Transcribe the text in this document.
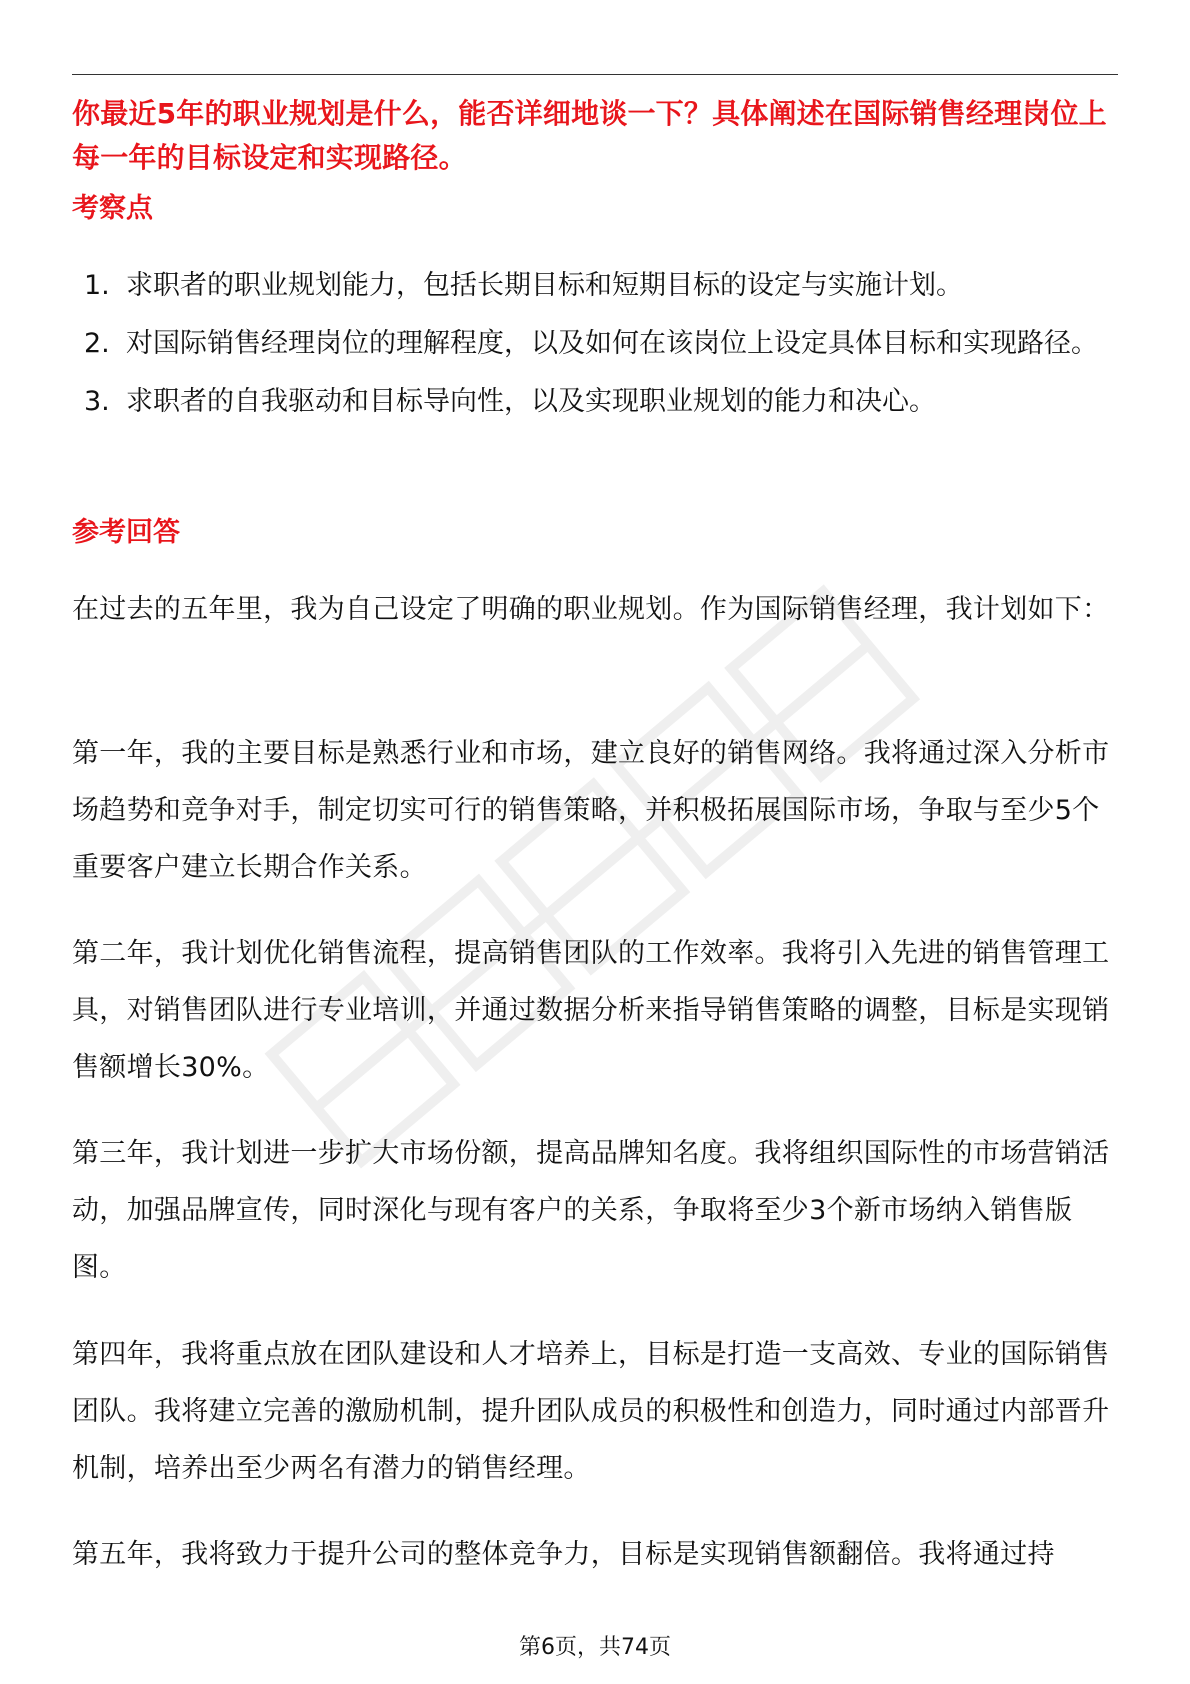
你最近5年的职业规划是什么，能否详细地谈一下？具体阐述在国际销售经理岗位上每一年的目标设定和实现路径。
考察点
1. 求职者的职业规划能力，包括长期目标和短期目标的设定与实施计划。
2. 对国际销售经理岗位的理解程度，以及如何在该岗位上设定具体目标和实现路径。
3. 求职者的自我驱动和目标导向性，以及实现职业规划的能力和决心。
参考回答

在过去的五年里，我为自己设定了明确的职业规划。作为国际销售经理，我计划如下：

第一年，我的主要目标是熟悉行业和市场，建立良好的销售网络。我将通过深入分析市场趋势和竞争对手，制定切实可行的销售策略，并积极拓展国际市场，争取与至少5个重要客户建立长期合作关系。

第二年，我计划优化销售流程，提高销售团队的工作效率。我将引入先进的销售管理工具，对销售团队进行专业培训，并通过数据分析来指导销售策略的调整，目标是实现销售额增长30%。

第三年，我计划进一步扩大市场份额，提高品牌知名度。我将组织国际性的市场营销活动，加强品牌宣传，同时深化与现有客户的关系，争取将至少3个新市场纳入销售版图。

第四年，我将重点放在团队建设和人才培养上，目标是打造一支高效、专业的国际销售团队。我将建立完善的激励机制，提升团队成员的积极性和创造力，同时通过内部晋升机制，培养出至少两名有潜力的销售经理。

第五年，我将致力于提升公司的整体竞争力，目标是实现销售额翻倍。我将通过持

第6页，共74页
